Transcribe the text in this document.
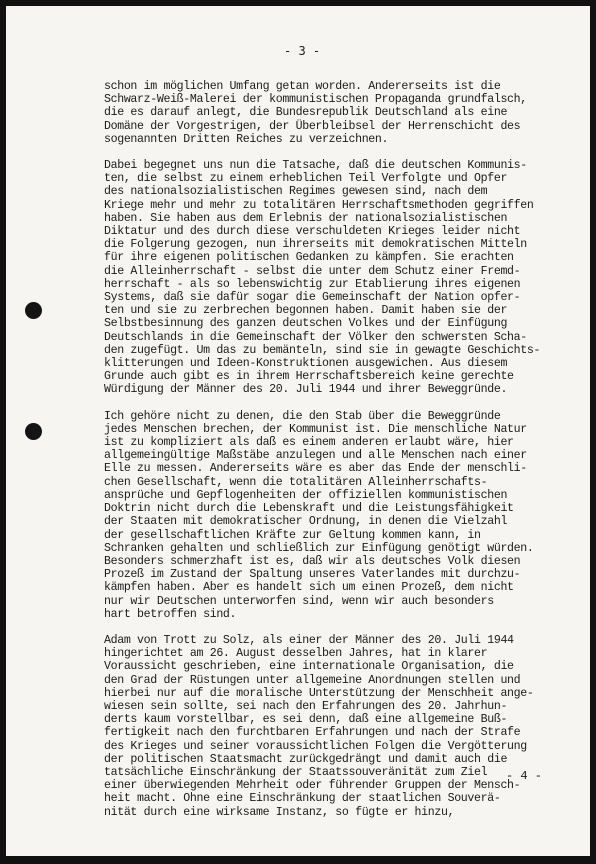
- 3 -
schon im möglichen Umfang getan worden. Andererseits ist die
Schwarz-Weiß-Malerei der kommunistischen Propaganda grundfalsch,
die es darauf anlegt, die Bundesrepublik Deutschland als eine
Domäne der Vorgestrigen, der Überbleibsel der Herrenschicht des
sogenannten Dritten Reiches zu verzeichnen.
Dabei begegnet uns nun die Tatsache, daß die deutschen Kommunis-
ten, die selbst zu einem erheblichen Teil Verfolgte und Opfer
des nationalsozialistischen Regimes gewesen sind, nach dem
Kriege mehr und mehr zu totalitären Herrschaftsmethoden gegriffen
haben. Sie haben aus dem Erlebnis der nationalsozialistischen
Diktatur und des durch diese verschuldeten Krieges leider nicht
die Folgerung gezogen, nun ihrerseits mit demokratischen Mitteln
für ihre eigenen politischen Gedanken zu kämpfen. Sie erachten
die Alleinherrschaft - selbst die unter dem Schutz einer Fremd-
herrschaft - als so lebenswichtig zur Etablierung ihres eigenen
Systems, daß sie dafür sogar die Gemeinschaft der Nation opfer-
ten und sie zu zerbrechen begonnen haben. Damit haben sie der
Selbstbesinnung des ganzen deutschen Volkes und der Einfügung
Deutschlands in die Gemeinschaft der Völker den schwersten Scha-
den zugefügt. Um das zu bemänteln, sind sie in gewagte Geschichts-
klitterungen und Ideen-Konstruktionen ausgewichen. Aus diesem
Grunde auch gibt es in ihrem Herrschaftsbereich keine gerechte
Würdigung der Männer des 20. Juli 1944 und ihrer Beweggründe.
Ich gehöre nicht zu denen, die den Stab über die Beweggründe
jedes Menschen brechen, der Kommunist ist. Die menschliche Natur
ist zu kompliziert als daß es einem anderen erlaubt wäre, hier
allgemeingültige Maßstäbe anzulegen und alle Menschen nach einer
Elle zu messen. Andererseits wäre es aber das Ende der menschli-
chen Gesellschaft, wenn die totalitären Alleinherrschafts-
ansprüche und Gepflogenheiten der offiziellen kommunistischen
Doktrin nicht durch die Lebenskraft und die Leistungsfähigkeit
der Staaten mit demokratischer Ordnung, in denen die Vielzahl
der gesellschaftlichen Kräfte zur Geltung kommen kann, in
Schranken gehalten und schließlich zur Einfügung genötigt würden.
Besonders schmerzhaft ist es, daß wir als deutsches Volk diesen
Prozeß im Zustand der Spaltung unseres Vaterlandes mit durchzu-
kämpfen haben. Aber es handelt sich um einen Prozeß, dem nicht
nur wir Deutschen unterworfen sind, wenn wir auch besonders
hart betroffen sind.
Adam von Trott zu Solz, als einer der Männer des 20. Juli 1944
hingerichtet am 26. August desselben Jahres, hat in klarer
Voraussicht geschrieben, eine internationale Organisation, die
den Grad der Rüstungen unter allgemeine Anordnungen stellen und
hierbei nur auf die moralische Unterstützung der Menschheit ange-
wiesen sein sollte, sei nach den Erfahrungen des 20. Jahrhun-
derts kaum vorstellbar, es sei denn, daß eine allgemeine Buß-
fertigkeit nach den furchtbaren Erfahrungen und nach der Strafe
des Krieges und seiner voraussichtlichen Folgen die Vergötterung
der politischen Staatsmacht zurückgedrängt und damit auch die
tatsächliche Einschränkung der Staatssouveränität zum Ziel
einer überwiegenden Mehrheit oder führender Gruppen der Mensch-
heit macht. Ohne eine Einschränkung der staatlichen Souverä-
nität durch eine wirksame Instanz, so fügte er hinzu,
- 4 -
